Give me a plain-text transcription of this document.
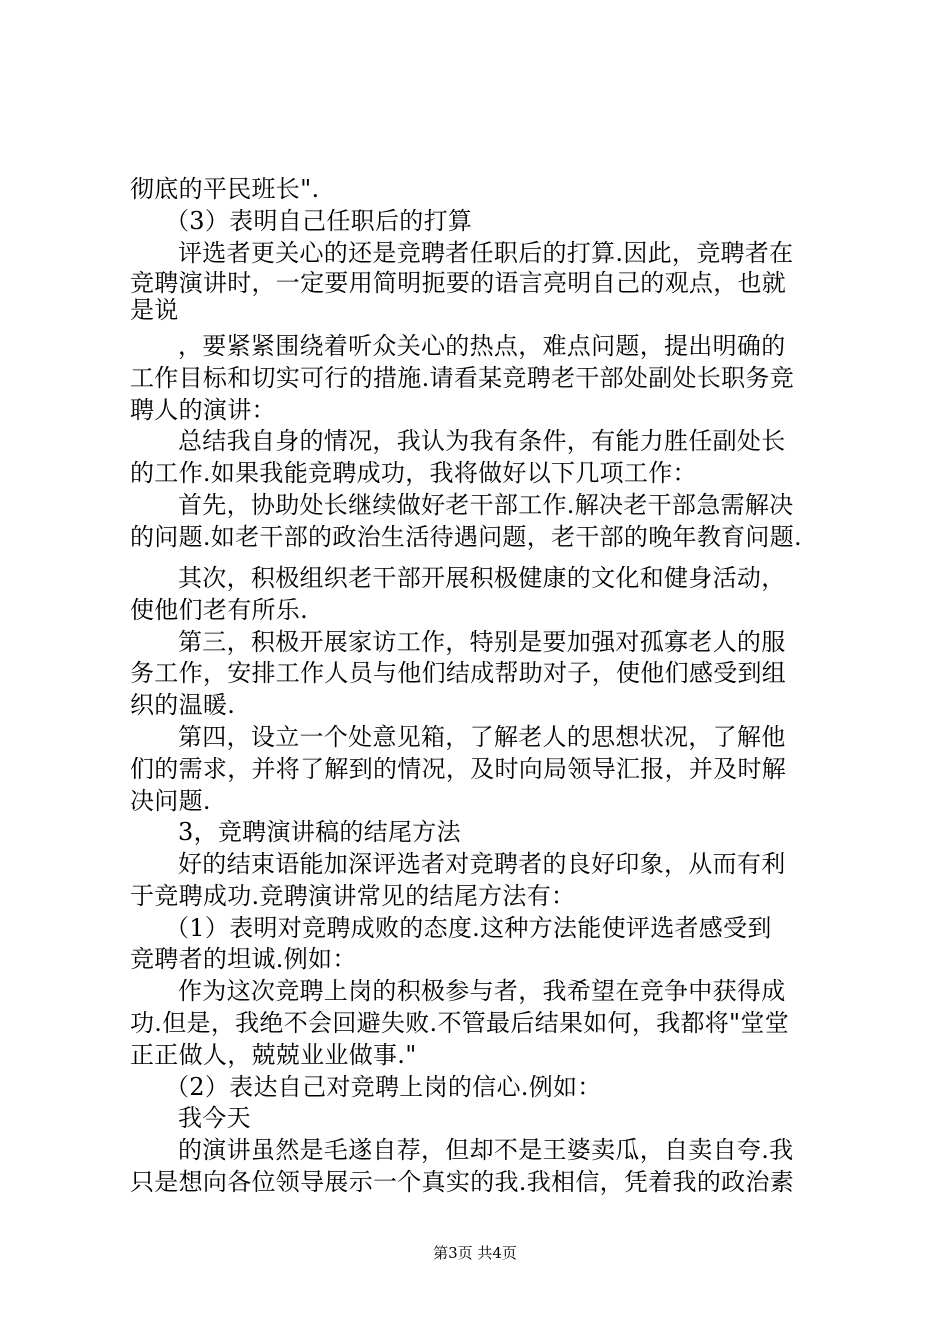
彻底的平民班长".
（3）表明自己任职后的打算
评选者更关心的还是竞聘者任职后的打算.因此，竞聘者在
竞聘演讲时，一定要用简明扼要的语言亮明自己的观点，也就
是说
，要紧紧围绕着听众关心的热点，难点问题，提出明确的
工作目标和切实可行的措施.请看某竞聘老干部处副处长职务竞
聘人的演讲：
总结我自身的情况，我认为我有条件，有能力胜任副处长
的工作.如果我能竞聘成功，我将做好以下几项工作：
首先，协助处长继续做好老干部工作.解决老干部急需解决
的问题.如老干部的政治生活待遇问题，老干部的晚年教育问题.
其次，积极组织老干部开展积极健康的文化和健身活动，
使他们老有所乐.
第三，积极开展家访工作，特别是要加强对孤寡老人的服
务工作，安排工作人员与他们结成帮助对子，使他们感受到组
织的温暖.
第四，设立一个处意见箱，了解老人的思想状况，了解他
们的需求，并将了解到的情况，及时向局领导汇报，并及时解
决问题.
3，竞聘演讲稿的结尾方法
好的结束语能加深评选者对竞聘者的良好印象，从而有利
于竞聘成功.竞聘演讲常见的结尾方法有：
（1）表明对竞聘成败的态度.这种方法能使评选者感受到
竞聘者的坦诚.例如：
作为这次竞聘上岗的积极参与者，我希望在竞争中获得成
功.但是，我绝不会回避失败.不管最后结果如何，我都将"堂堂
正正做人，兢兢业业做事."
（2）表达自己对竞聘上岗的信心.例如：
我今天
的演讲虽然是毛遂自荐，但却不是王婆卖瓜，自卖自夸.我
只是想向各位领导展示一个真实的我.我相信，凭着我的政治素
第3页 共4页
